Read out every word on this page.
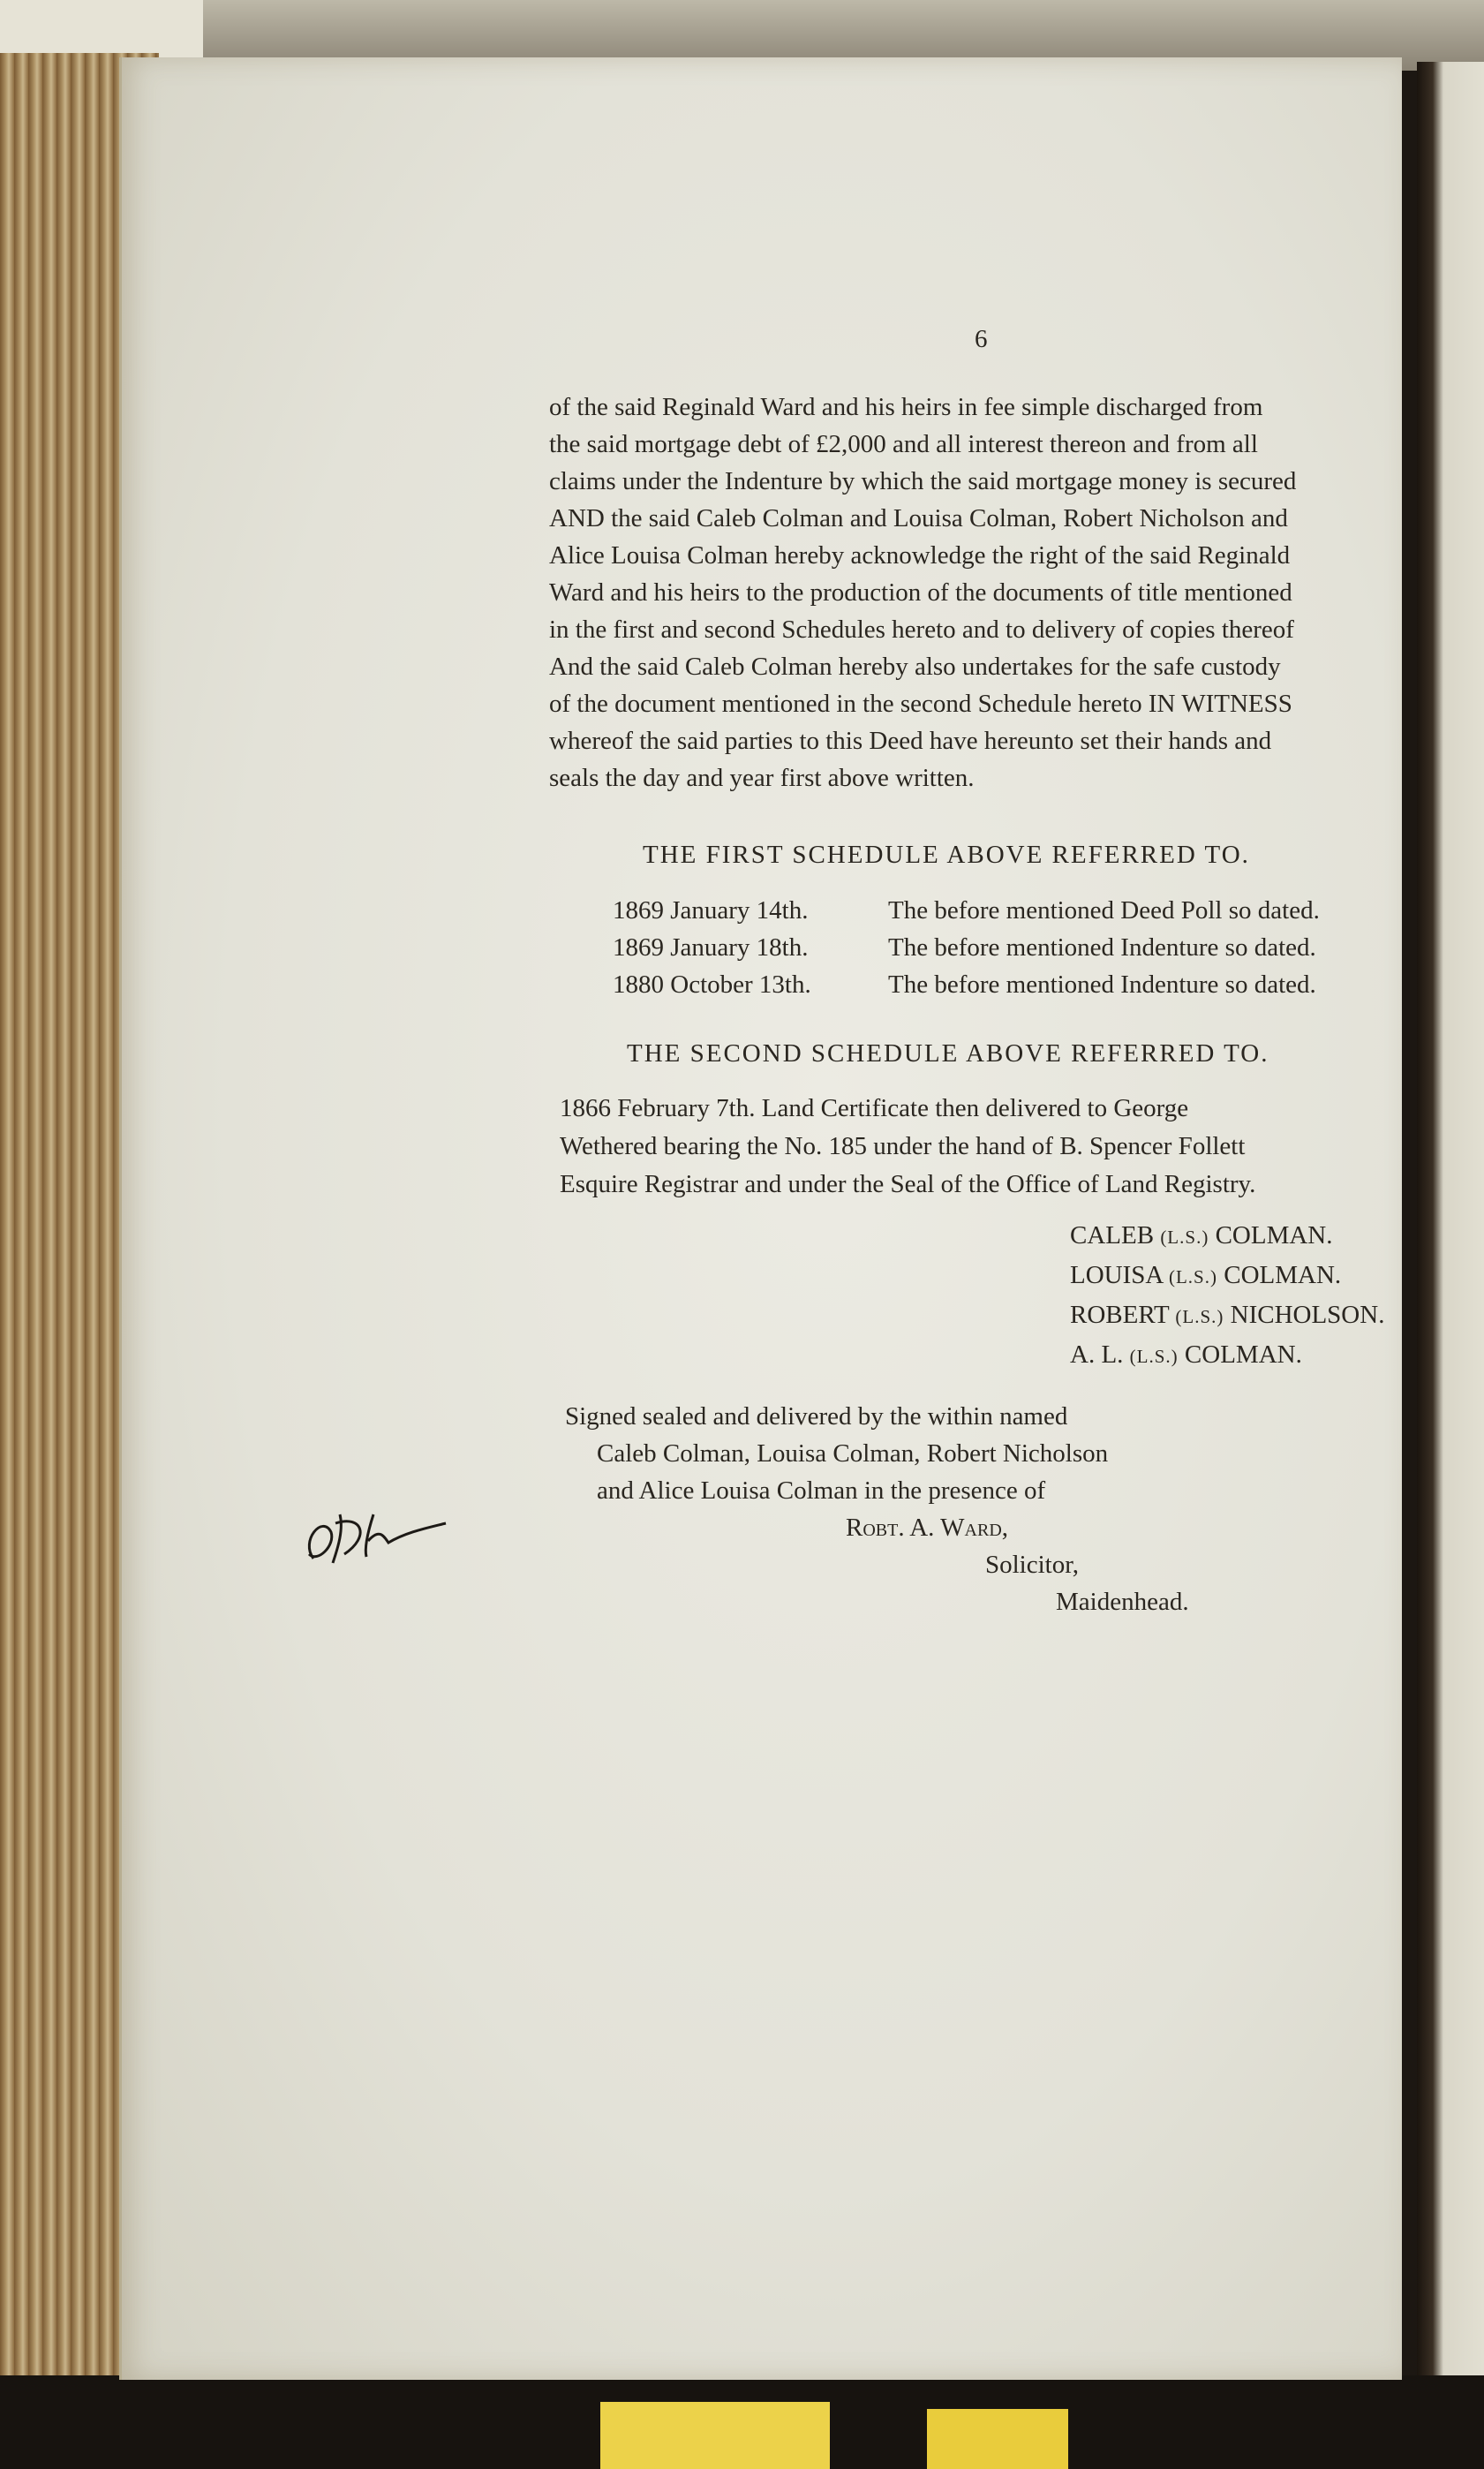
6
of the said Reginald Ward and his heirs in fee simple discharged from
the said mortgage debt of £2,000 and all interest thereon and from all
claims under the Indenture by which the said mortgage money is secured
AND the said Caleb Colman and Louisa Colman, Robert Nicholson and
Alice Louisa Colman hereby acknowledge the right of the said Reginald
Ward and his heirs to the production of the documents of title mentioned
in the first and second Schedules hereto and to delivery of copies thereof
And the said Caleb Colman hereby also undertakes for the safe custody
of the document mentioned in the second Schedule hereto IN WITNESS
whereof the said parties to this Deed have hereunto set their hands and
seals the day and year first above written.
THE FIRST SCHEDULE ABOVE REFERRED TO.
1869 January 14th.	The before mentioned Deed Poll so dated.
1869 January 18th.	The before mentioned Indenture so dated.
1880 October 13th.	The before mentioned Indenture so dated.
THE SECOND SCHEDULE ABOVE REFERRED TO.
1866 February 7th. Land Certificate then delivered to George
Wethered bearing the No. 185 under the hand of B. Spencer Follett
Esquire Registrar and under the Seal of the Office of Land Registry.
CALEB (L.S.) COLMAN.
LOUISA (L.S.) COLMAN.
ROBERT (L.S.) NICHOLSON.
A. L. (L.S.) COLMAN.
Signed sealed and delivered by the within named
Caleb Colman, Louisa Colman, Robert Nicholson
and Alice Louisa Colman in the presence of
Robt. A. Ward,
Solicitor,
Maidenhead.
